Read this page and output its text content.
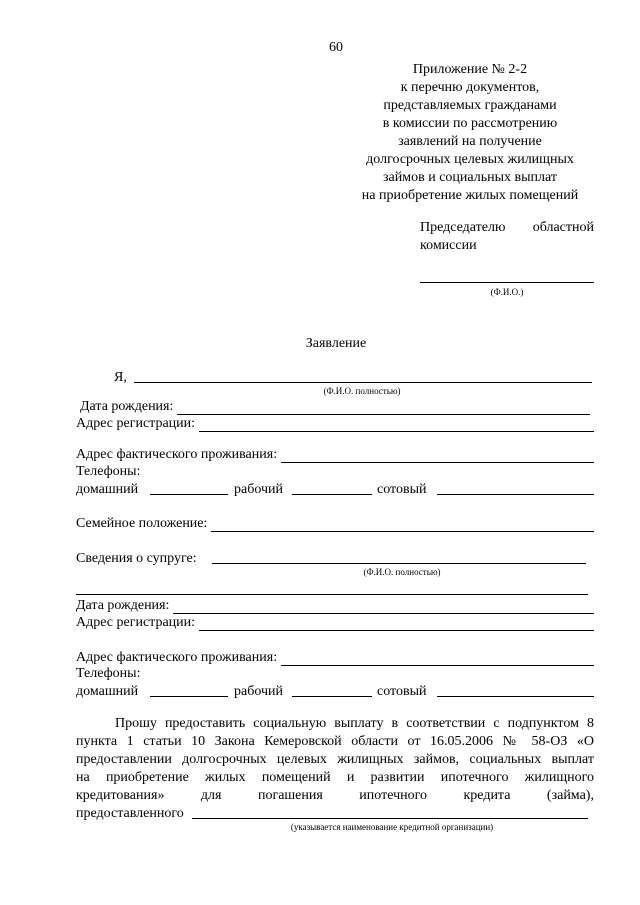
60
Приложение № 2-2
к перечню документов,
представляемых гражданами
в комиссии по рассмотрению
заявлений на получение
долгосрочных целевых жилищных
займов и социальных выплат
на приобретение жилых помещений
Председателю областной
комиссии
(Ф.И.О.)
Заявление
Я,
(Ф.И.О. полностью)
Дата рождения:
Адрес регистрации:
Адрес фактического проживания:
Телефоны:
домашний	рабочий	сотовый
Семейное положение:
Сведения о супруге:
(Ф.И.О. полностью)
Дата рождения:
Адрес регистрации:
Адрес фактического проживания:
Телефоны:
домашний	рабочий	сотовый
Прошу предоставить социальную выплату в соответствии с подпунктом 8
пункта 1 статьи 10 Закона Кемеровской области от 16.05.2006 № 58-ОЗ «О
предоставлении долгосрочных целевых жилищных займов, социальных выплат
на приобретение жилых помещений и развитии ипотечного жилищного
кредитования»	для	погашения	ипотечного	кредита	(займа),
предоставленного
(указывается наименование кредитной организации)
